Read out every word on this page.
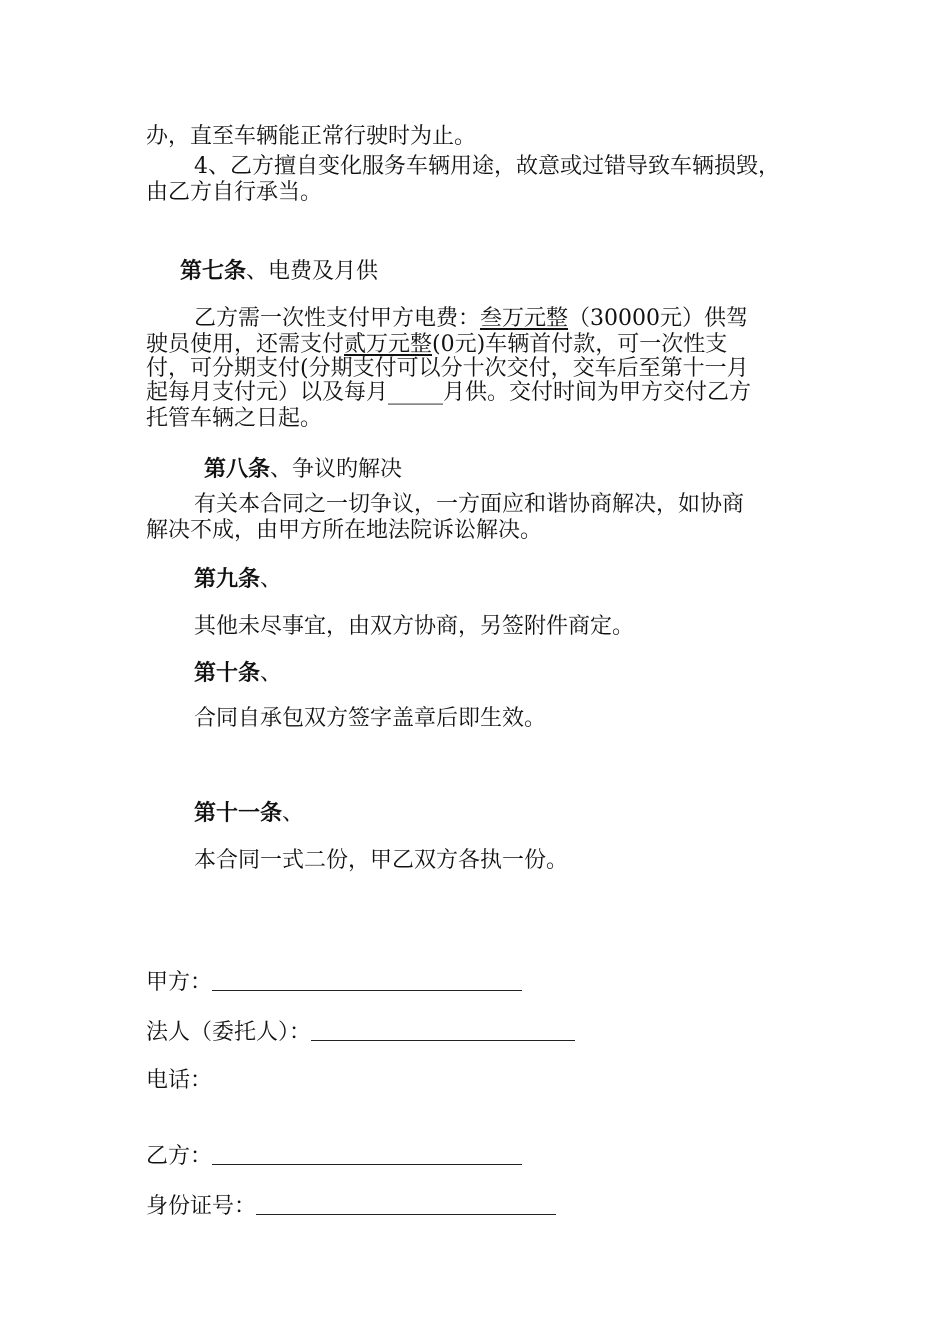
办，直至车辆能正常行驶时为止。
4、乙方擅自变化服务车辆用途，故意或过错导致车辆损毁，
由乙方自行承当。
第七条、电费及月供
乙方需一次性支付甲方电费：叁万元整（30000元）供驾
驶员使用，还需支付贰万元整(0元)车辆首付款，可一次性支
付，可分期支付(分期支付可以分十次交付，交车后至第十一月
起每月支付元）以及每月_____月供。交付时间为甲方交付乙方
托管车辆之日起。
第八条、争议旳解决
有关本合同之一切争议，一方面应和谐协商解决，如协商
解决不成，由甲方所在地法院诉讼解决。
第九条、
其他未尽事宜，由双方协商，另签附件商定。
第十条、
合同自承包双方签字盖章后即生效。
第十一条、
本合同一式二份，甲乙双方各执一份。
甲方：
法人（委托人）：
电话：
乙方：
身份证号：
